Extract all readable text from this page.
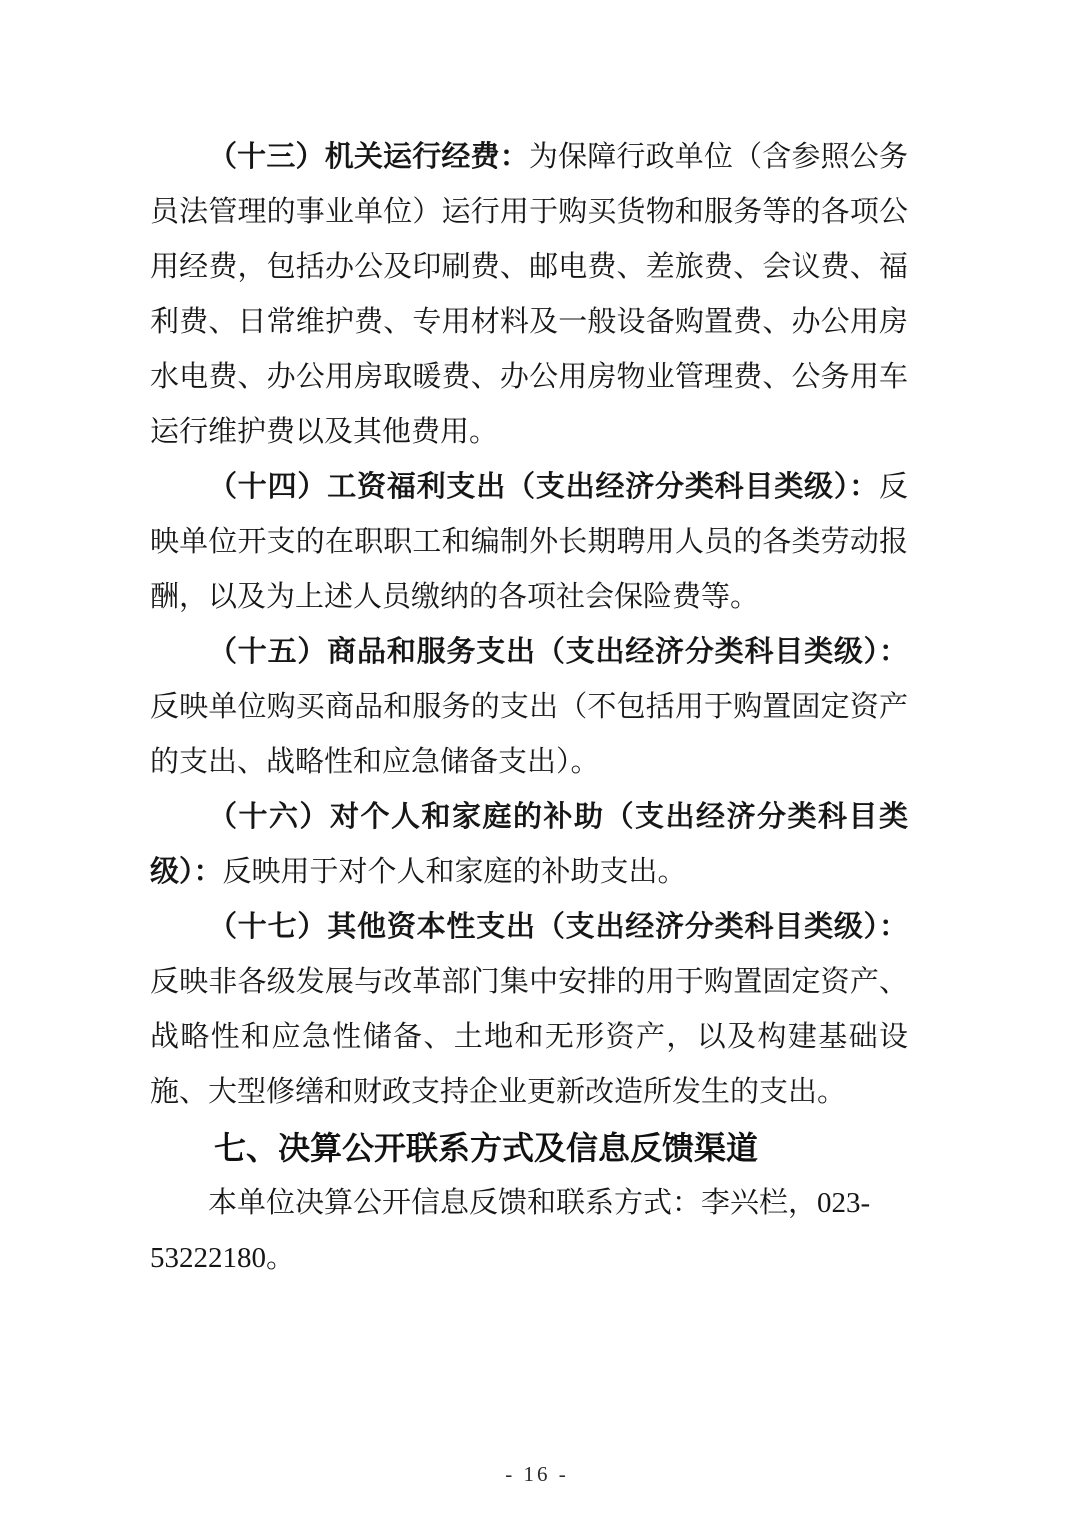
（十三）机关运行经费：为保障行政单位（含参照公务员法管理的事业单位）运行用于购买货物和服务等的各项公用经费，包括办公及印刷费、邮电费、差旅费、会议费、福利费、日常维护费、专用材料及一般设备购置费、办公用房水电费、办公用房取暖费、办公用房物业管理费、公务用车运行维护费以及其他费用。

（十四）工资福利支出（支出经济分类科目类级）：反映单位开支的在职职工和编制外长期聘用人员的各类劳动报酬，以及为上述人员缴纳的各项社会保险费等。

（十五）商品和服务支出（支出经济分类科目类级）：反映单位购买商品和服务的支出（不包括用于购置固定资产的支出、战略性和应急储备支出）。

（十六）对个人和家庭的补助（支出经济分类科目类级）：反映用于对个人和家庭的补助支出。

（十七）其他资本性支出（支出经济分类科目类级）：反映非各级发展与改革部门集中安排的用于购置固定资产、战略性和应急性储备、土地和无形资产，以及构建基础设施、大型修缮和财政支持企业更新改造所发生的支出。

七、决算公开联系方式及信息反馈渠道

本单位决算公开信息反馈和联系方式：李兴栏，023-53222180。

- 16 -
